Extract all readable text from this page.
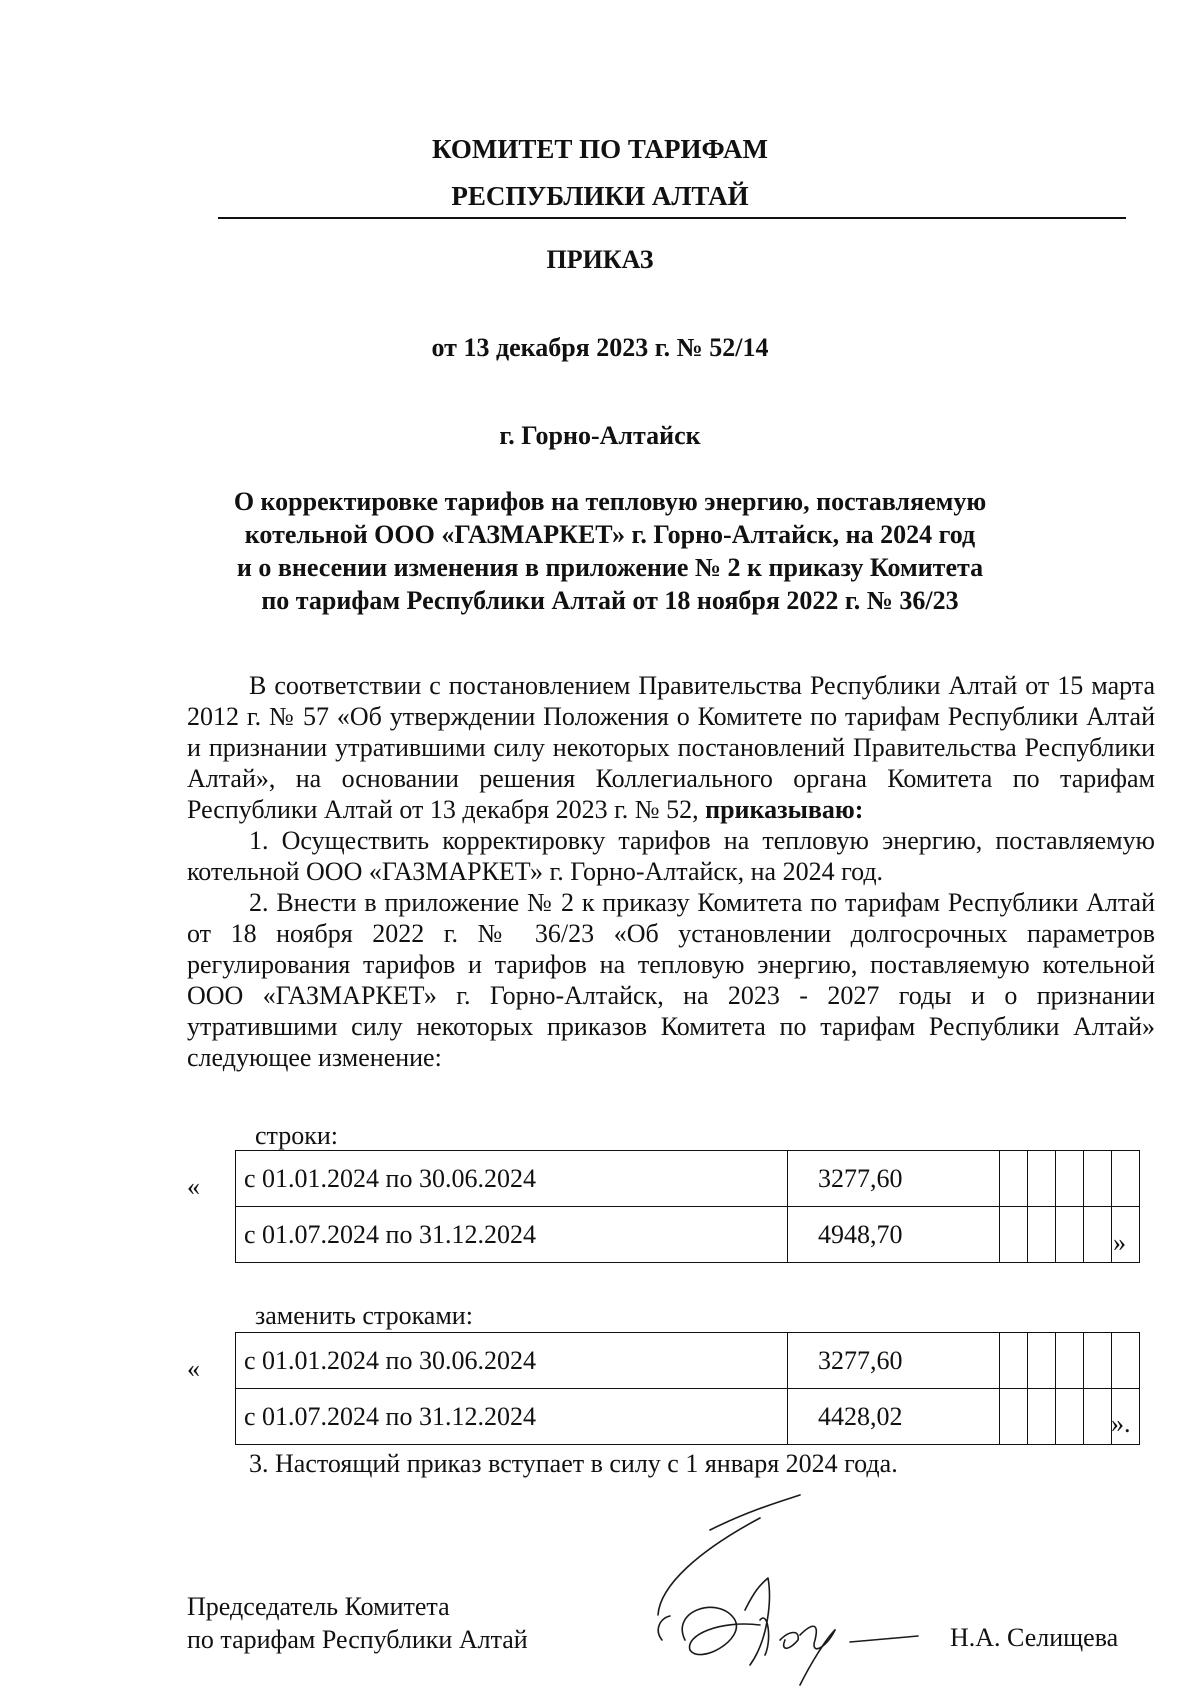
КОМИТЕТ ПО ТАРИФАМ
РЕСПУБЛИКИ АЛТАЙ
ПРИКАЗ
от 13 декабря 2023 г. № 52/14
г. Горно-Алтайск
О корректировке тарифов на тепловую энергию, поставляемую
котельной ООО «ГАЗМАРКЕТ» г. Горно-Алтайск, на 2024 год
и о внесении изменения в приложение № 2 к приказу Комитета
по тарифам Республики Алтай от 18 ноября 2022 г. № 36/23

В соответствии с постановлением Правительства Республики Алтай от 15 марта 2012 г. № 57 «Об утверждении Положения о Комитете по тарифам Республики Алтай и признании утратившими силу некоторых постановлений Правительства Республики Алтай», на основании решения Коллегиального органа Комитета по тарифам Республики Алтай от 13 декабря 2023 г. № 52, приказываю:

1. Осуществить корректировку тарифов на тепловую энергию, поставляемую котельной ООО «ГАЗМАРКЕТ» г. Горно-Алтайск, на 2024 год.

2. Внести в приложение № 2 к приказу Комитета по тарифам Республики Алтай от 18 ноября 2022 г. № 36/23 «Об установлении долгосрочных параметров регулирования тарифов и тарифов на тепловую энергию, поставляемую котельной ООО «ГАЗМАРКЕТ» г. Горно-Алтайск, на 2023 - 2027 годы и о признании утратившими силу некоторых приказов Комитета по тарифам Республики Алтай» следующее изменение:

строки:
« с 01.01.2024 по 30.06.2024	3277,60					
с 01.07.2024 по 31.12.2024	4948,70						»
заменить строками:
« с 01.01.2024 по 30.06.2024	3277,60					
с 01.07.2024 по 31.12.2024	4428,02						».

3. Настоящий приказ вступает в силу с 1 января 2024 года.

Председатель Комитета
по тарифам Республики Алтай	Н.А. Селищева
